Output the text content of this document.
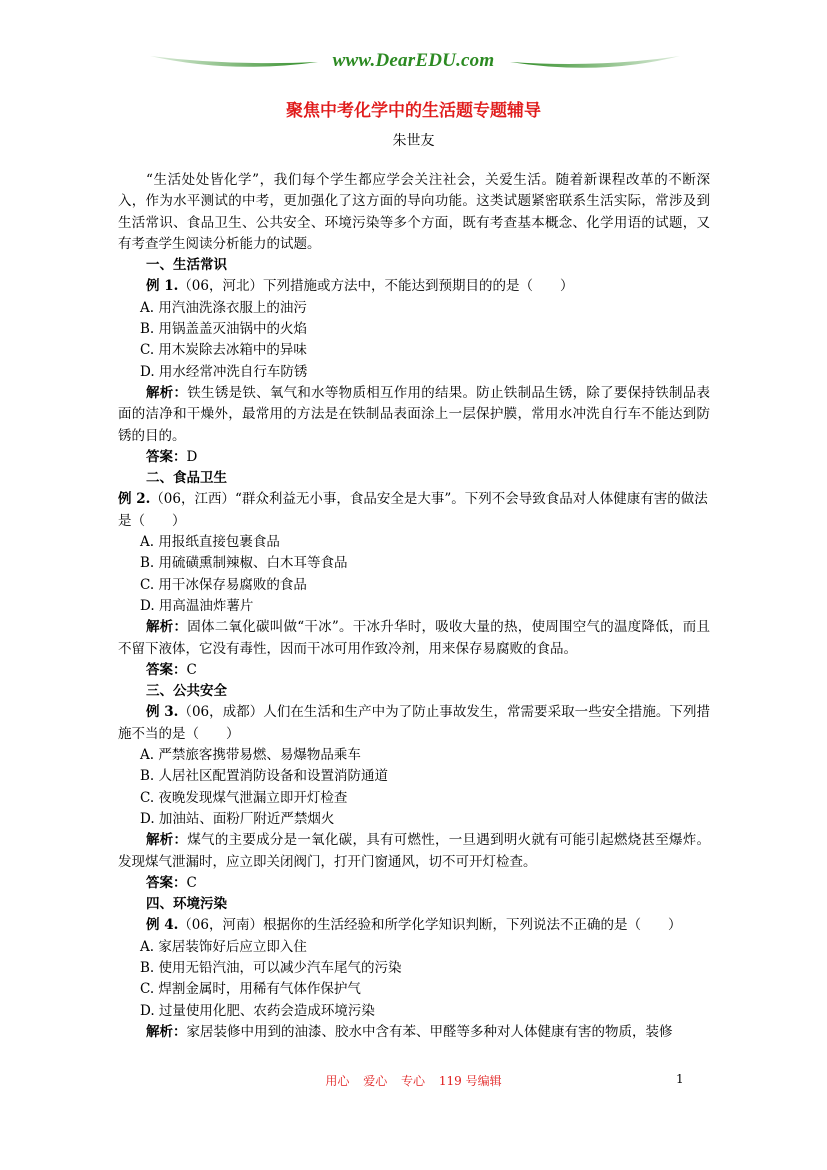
www.DearEDU.com
聚焦中考化学中的生活题专题辅导
朱世友

“生活处处皆化学”，我们每个学生都应学会关注社会，关爱生活。随着新课程改革的不断深入，作为水平测试的中考，更加强化了这方面的导向功能。这类试题紧密联系生活实际，常涉及到生活常识、食品卫生、公共安全、环境污染等多个方面，既有考查基本概念、化学用语的试题，又有考查学生阅读分析能力的试题。

一、生活常识

例 1.（06，河北）下列措施或方法中，不能达到预期目的的是（　　）

A. 用汽油洗涤衣服上的油污

B. 用锅盖盖灭油锅中的火焰

C. 用木炭除去冰箱中的异味

D. 用水经常冲洗自行车防锈

解析：铁生锈是铁、氧气和水等物质相互作用的结果。防止铁制品生锈，除了要保持铁制品表面的洁净和干燥外，最常用的方法是在铁制品表面涂上一层保护膜，常用水冲洗自行车不能达到防锈的目的。

答案：D

二、食品卫生

例 2.（06，江西）“群众利益无小事，食品安全是大事”。下列不会导致食品对人体健康有害的做法是（　　）

A. 用报纸直接包裹食品

B. 用硫磺熏制辣椒、白木耳等食品

C. 用干冰保存易腐败的食品

D. 用高温油炸薯片

解析：固体二氧化碳叫做“干冰”。干冰升华时，吸收大量的热，使周围空气的温度降低，而且不留下液体，它没有毒性，因而干冰可用作致冷剂，用来保存易腐败的食品。

答案：C

三、公共安全

例 3.（06，成都）人们在生活和生产中为了防止事故发生，常需要采取一些安全措施。下列措施不当的是（　　）

A. 严禁旅客携带易燃、易爆物品乘车

B. 人居社区配置消防设备和设置消防通道

C. 夜晚发现煤气泄漏立即开灯检查

D. 加油站、面粉厂附近严禁烟火

解析：煤气的主要成分是一氧化碳，具有可燃性，一旦遇到明火就有可能引起燃烧甚至爆炸。发现煤气泄漏时，应立即关闭阀门，打开门窗通风，切不可开灯检查。

答案：C

四、环境污染

例 4.（06，河南）根据你的生活经验和所学化学知识判断，下列说法不正确的是（　　）

A. 家居装饰好后应立即入住

B. 使用无铅汽油，可以减少汽车尾气的污染

C. 焊割金属时，用稀有气体作保护气

D. 过量使用化肥、农药会造成环境污染

解析：家居装修中用到的油漆、胶水中含有苯、甲醛等多种对人体健康有害的物质，装修

用心 爱心 专心 119 号编辑	1
